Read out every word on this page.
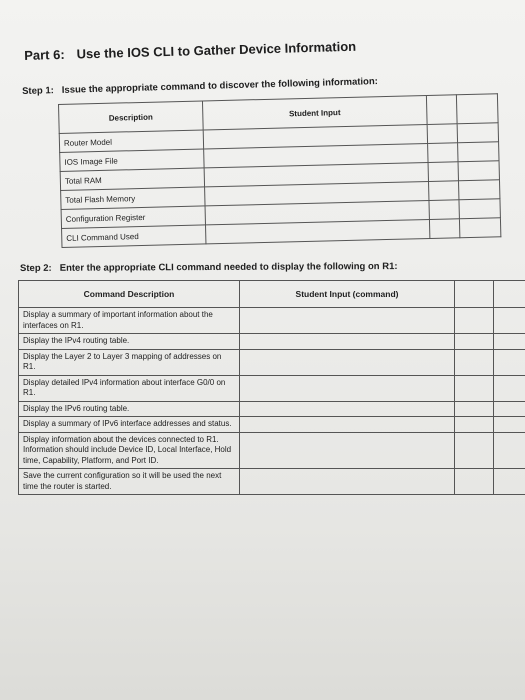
Part 6: Use the IOS CLI to Gather Device Information
Step 1: Issue the appropriate command to discover the following information:
Description	Student Input		
Router Model			
IOS Image File			
Total RAM			
Total Flash Memory			
Configuration Register			
CLI Command Used			
Step 2: Enter the appropriate CLI command needed to display the following on R1:
Command Description	Student Input (command)		
Display a summary of important information about the interfaces on R1.			
Display the IPv4 routing table.			
Display the Layer 2 to Layer 3 mapping of addresses on R1.			
Display detailed IPv4 information about interface G0/0 on R1.			
Display the IPv6 routing table.			
Display a summary of IPv6 interface addresses and status.			
Display information about the devices connected to R1. Information should include Device ID, Local Interface, Hold time, Capability, Platform, and Port ID.			
Save the current configuration so it will be used the next time the router is started.			
